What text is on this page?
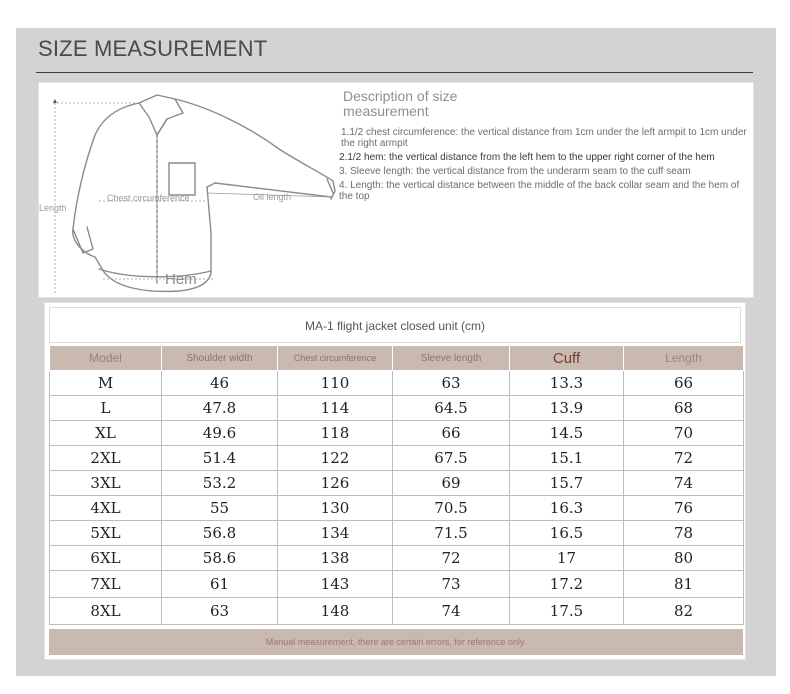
SIZE MEASUREMENT
Length
Chest circumference	Oil length
Hem
Description of size measurement
1.1/2 chest circumference: the vertical distance from 1cm under the left armpit to 1cm under the right armpit
2.1/2 hem: the vertical distance from the left hem to the upper right corner of the hem
3. Sleeve length: the vertical distance from the underarm seam to the cuff seam
4. Length: the vertical distance between the middle of the back collar seam and the hem of the top
MA-1 flight jacket closed unit (cm)
Model	Shoulder width	Chest circumference	Sleeve length	Cuff	Length
M	46	110	63	13.3	66
L	47.8	114	64.5	13.9	68
XL	49.6	118	66	14.5	70
2XL	51.4	122	67.5	15.1	72
3XL	53.2	126	69	15.7	74
4XL	55	130	70.5	16.3	76
5XL	56.8	134	71.5	16.5	78
6XL	58.6	138	72	17	80
7XL	61	143	73	17.2	81
8XL	63	148	74	17.5	82
Manual measurement, there are certain errors, for reference only.
